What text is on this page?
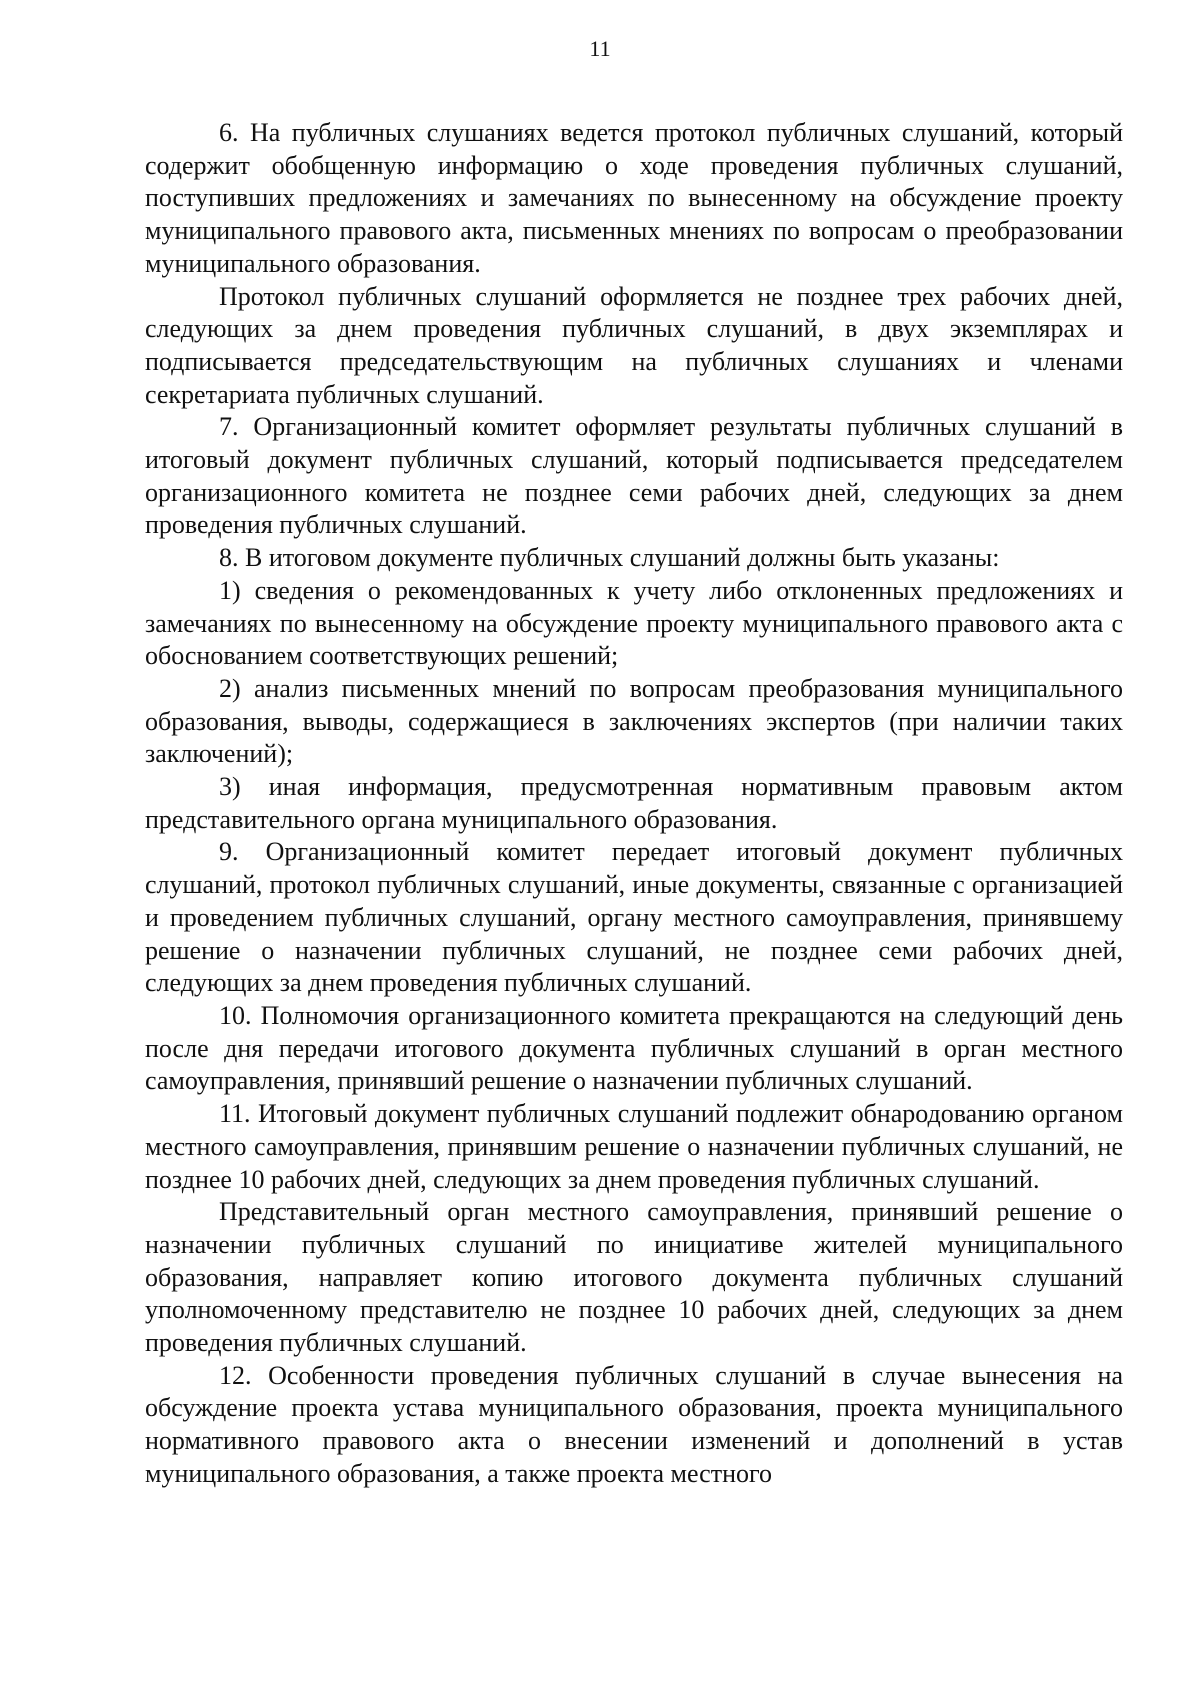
11

6. На публичных слушаниях ведется протокол публичных слушаний, который содержит обобщенную информацию о ходе проведения публичных слушаний, поступивших предложениях и замечаниях по вынесенному на обсуждение проекту муниципального правового акта, письменных мнениях по вопросам о преобразовании муниципального образования.

Протокол публичных слушаний оформляется не позднее трех рабочих дней, следующих за днем проведения публичных слушаний, в двух экземплярах и подписывается председательствующим на публичных слушаниях и членами секретариата публичных слушаний.

7. Организационный комитет оформляет результаты публичных слушаний в итоговый документ публичных слушаний, который подписывается председателем организационного комитета не позднее семи рабочих дней, следующих за днем проведения публичных слушаний.

8. В итоговом документе публичных слушаний должны быть указаны:

1) сведения о рекомендованных к учету либо отклоненных предложениях и замечаниях по вынесенному на обсуждение проекту муниципального правового акта с обоснованием соответствующих решений;

2) анализ письменных мнений по вопросам преобразования муниципального образования, выводы, содержащиеся в заключениях экспертов (при наличии таких заключений);

3) иная информация, предусмотренная нормативным правовым актом представительного органа муниципального образования.

9. Организационный комитет передает итоговый документ публичных слушаний, протокол публичных слушаний, иные документы, связанные с организацией и проведением публичных слушаний, органу местного самоуправления, принявшему решение о назначении публичных слушаний, не позднее семи рабочих дней, следующих за днем проведения публичных слушаний.

10. Полномочия организационного комитета прекращаются на следующий день после дня передачи итогового документа публичных слушаний в орган местного самоуправления, принявший решение о назначении публичных слушаний.

11. Итоговый документ публичных слушаний подлежит обнародованию органом местного самоуправления, принявшим решение о назначении публичных слушаний, не позднее 10 рабочих дней, следующих за днем проведения публичных слушаний.

Представительный орган местного самоуправления, принявший решение о назначении публичных слушаний по инициативе жителей муниципального образования, направляет копию итогового документа публичных слушаний уполномоченному представителю не позднее 10 рабочих дней, следующих за днем проведения публичных слушаний.

12. Особенности проведения публичных слушаний в случае вынесения на обсуждение проекта устава муниципального образования, проекта муниципального нормативного правового акта о внесении изменений и дополнений в устав муниципального образования, а также проекта местного
